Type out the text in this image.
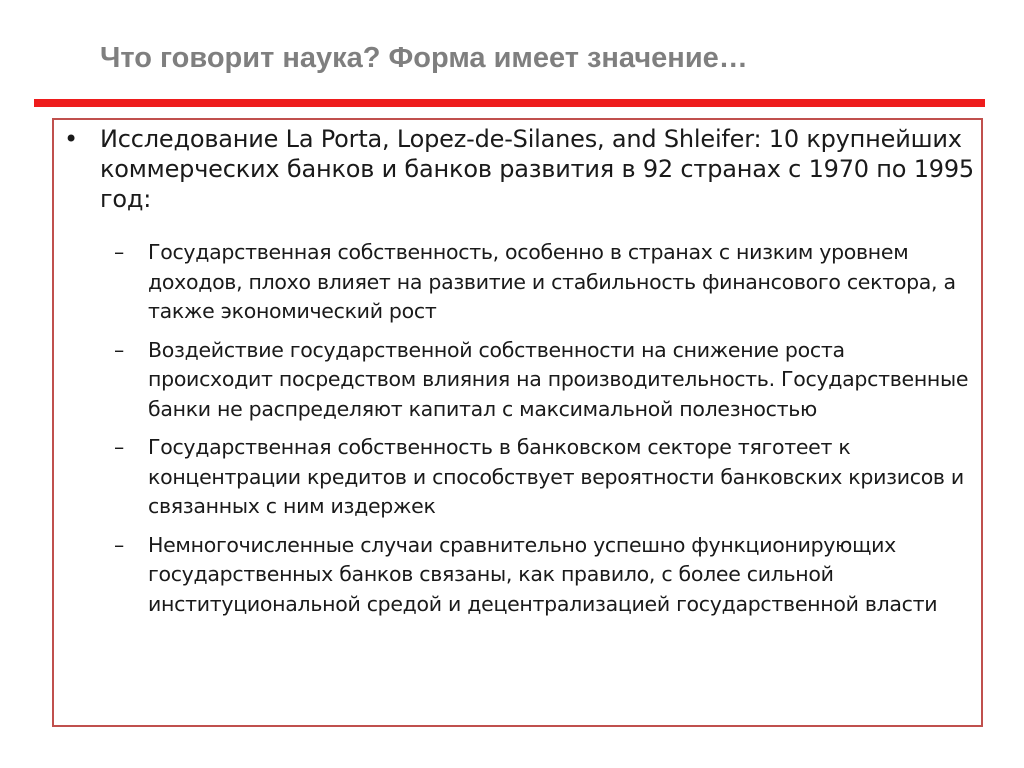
Что говорит наука? Форма имеет значение…
• Исследование La Porta, Lopez-de-Silanes, and Shleifer: 10 крупнейших коммерческих банков и банков развития в 92 странах с 1970 по 1995 год:
– Государственная собственность, особенно в странах с низким уровнем доходов, плохо влияет на развитие и стабильность финансового сектора, а также экономический рост
– Воздействие государственной собственности на снижение роста происходит посредством влияния на производительность. Государственные банки не распределяют капитал с максимальной полезностью
– Государственная собственность в банковском секторе тяготеет к концентрации кредитов и способствует вероятности банковских кризисов и связанных с ним издержек
– Немногочисленные случаи сравнительно успешно функционирующих государственных банков связаны, как правило, с более сильной институциональной средой и децентрализацией государственной власти
